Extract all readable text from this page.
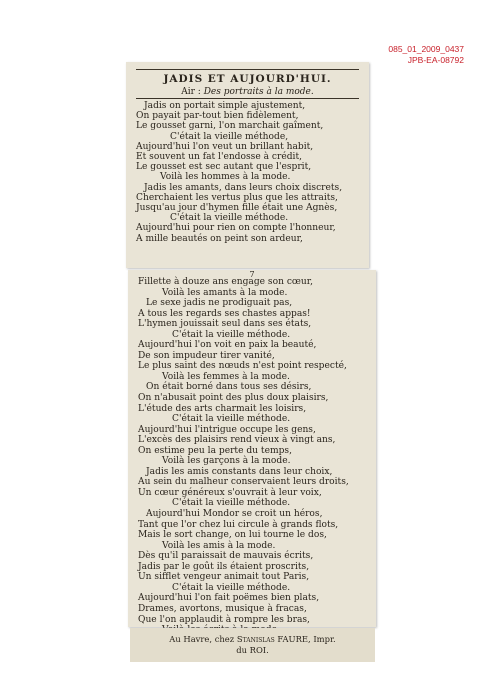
085_01_2009_0437
JPB-EA-08792
JADIS ET AUJOURD'HUI.
Air : Des portraits à la mode.
Jadis on portait simple ajustement,
On payait par-tout bien fidèlement,
Le gousset garni, l'on marchait gaîment,
C'était la vieille méthode,
Aujourd'hui l'on veut un brillant habit,
Et souvent un fat l'endosse à crédit,
Le gousset est sec autant que l'esprit,
Voilà les hommes à la mode.
Jadis les amants, dans leurs choix discrets,
Cherchaient les vertus plus que les attraits,
Jusqu'au jour d'hymen fille était une Agnès,
C'était la vieille méthode.
Aujourd'hui pour rien on compte l'honneur,
A mille beautés on peint son ardeur,
7
Fillette à douze ans engage son cœur,
Voilà les amants à la mode.
Le sexe jadis ne prodiguait pas,
A tous les regards ses chastes appas!
L'hymen jouissait seul dans ses états,
C'était la vieille méthode.
Aujourd'hui l'on voit en paix la beauté,
De son impudeur tirer vanité,
Le plus saint des nœuds n'est point respecté,
Voilà les femmes à la mode.
On était borné dans tous ses désirs,
On n'abusait point des plus doux plaisirs,
L'étude des arts charmait les loisirs,
C'était la vieille méthode.
Aujourd'hui l'intrigue occupe les gens,
L'excès des plaisirs rend vieux à vingt ans,
On estime peu la perte du temps,
Voilà les garçons à la mode.
Jadis les amis constants dans leur choix,
Au sein du malheur conservaient leurs droits,
Un cœur généreux s'ouvrait à leur voix,
C'était la vieille méthode.
Aujourd'hui Mondor se croit un héros,
Tant que l'or chez lui circule à grands flots,
Mais le sort change, on lui tourne le dos,
Voilà les amis à la mode.
Dès qu'il paraissait de mauvais écrits,
Jadis par le goût ils étaient proscrits,
Un sifflet vengeur animait tout Paris,
C'était la vieille méthode.
Aujourd'hui l'on fait poëmes bien plats,
Drames, avortons, musique à fracas,
Que l'on applaudit à rompre les bras,
Au Havre, chez Stanislas FAURE, Impr.
du ROI.
